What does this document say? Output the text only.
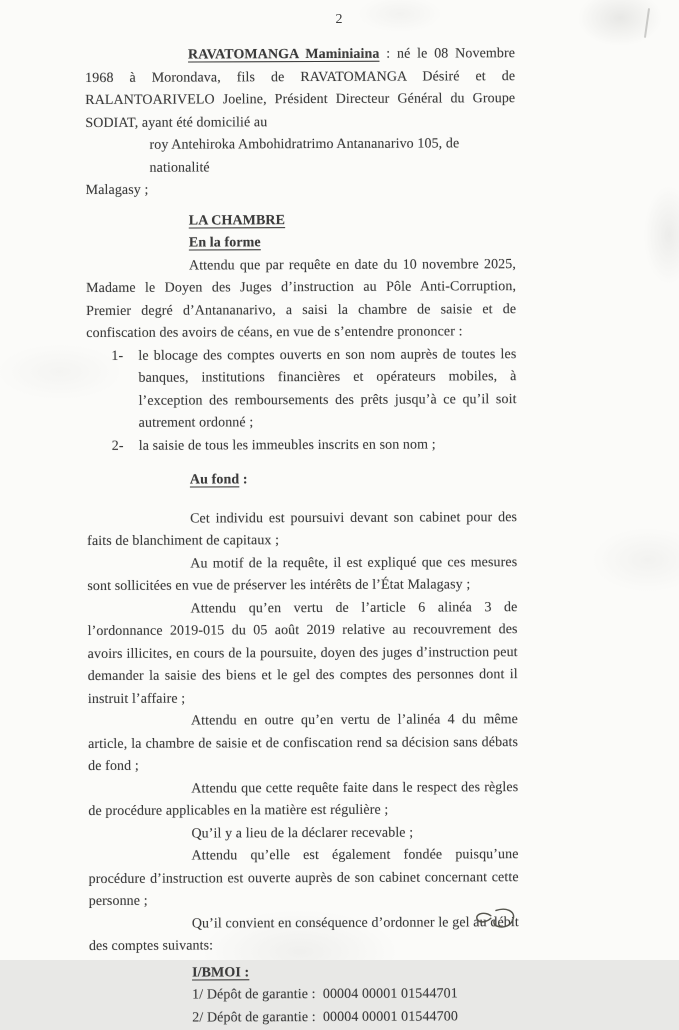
2

RAVATOMANGA Maminiaina : né le 08 Novembre 1968 à Morondava, fils de RAVATOMANGA Désiré et de RALANTOARIVELO Joeline, Président Directeur Général du Groupe SODIAT, ayant été domicilié au

roy Antehiroka Ambohidratrimo Antananarivo 105, de nationalité

Malagasy ;

LA CHAMBRE
En la forme

Attendu que par requête en date du 10 novembre 2025, Madame le Doyen des Juges d’instruction au Pôle Anti-Corruption, Premier degré d’Antananarivo, a saisi la chambre de saisie et de confiscation des avoirs de céans, en vue de s’entendre prononcer :

1-	le blocage des comptes ouverts en son nom auprès de toutes les banques, institutions financières et opérateurs mobiles, à l’exception des remboursements des prêts jusqu’à ce qu’il soit autrement ordonné ;
2-	la saisie de tous les immeubles inscrits en son nom ;
Au fond :

Cet individu est poursuivi devant son cabinet pour des faits de blanchiment de capitaux ;

Au motif de la requête, il est expliqué que ces mesures sont sollicitées en vue de préserver les intérêts de l’État Malagasy ;

Attendu qu’en vertu de l’article 6 alinéa 3 de l’ordonnance 2019-015 du 05 août 2019 relative au recouvrement des avoirs illicites, en cours de la poursuite, doyen des juges d’instruction peut demander la saisie des biens et le gel des comptes des personnes dont il instruit l’affaire ;

Attendu en outre qu’en vertu de l’alinéa 4 du même article, la chambre de saisie et de confiscation rend sa décision sans débats de fond ;

Attendu que cette requête faite dans le respect des règles de procédure applicables en la matière est régulière ;

Qu’il y a lieu de la déclarer recevable ;

Attendu qu’elle est également fondée puisqu’une procédure d’instruction est ouverte auprès de son cabinet concernant cette personne ;

Qu’il convient en conséquence d’ordonner le gel au débit des comptes suivants:

I/BMOI :

1/ Dépôt de garantie :  00004 00001 01544701

2/ Dépôt de garantie :  00004 00001 01544700
